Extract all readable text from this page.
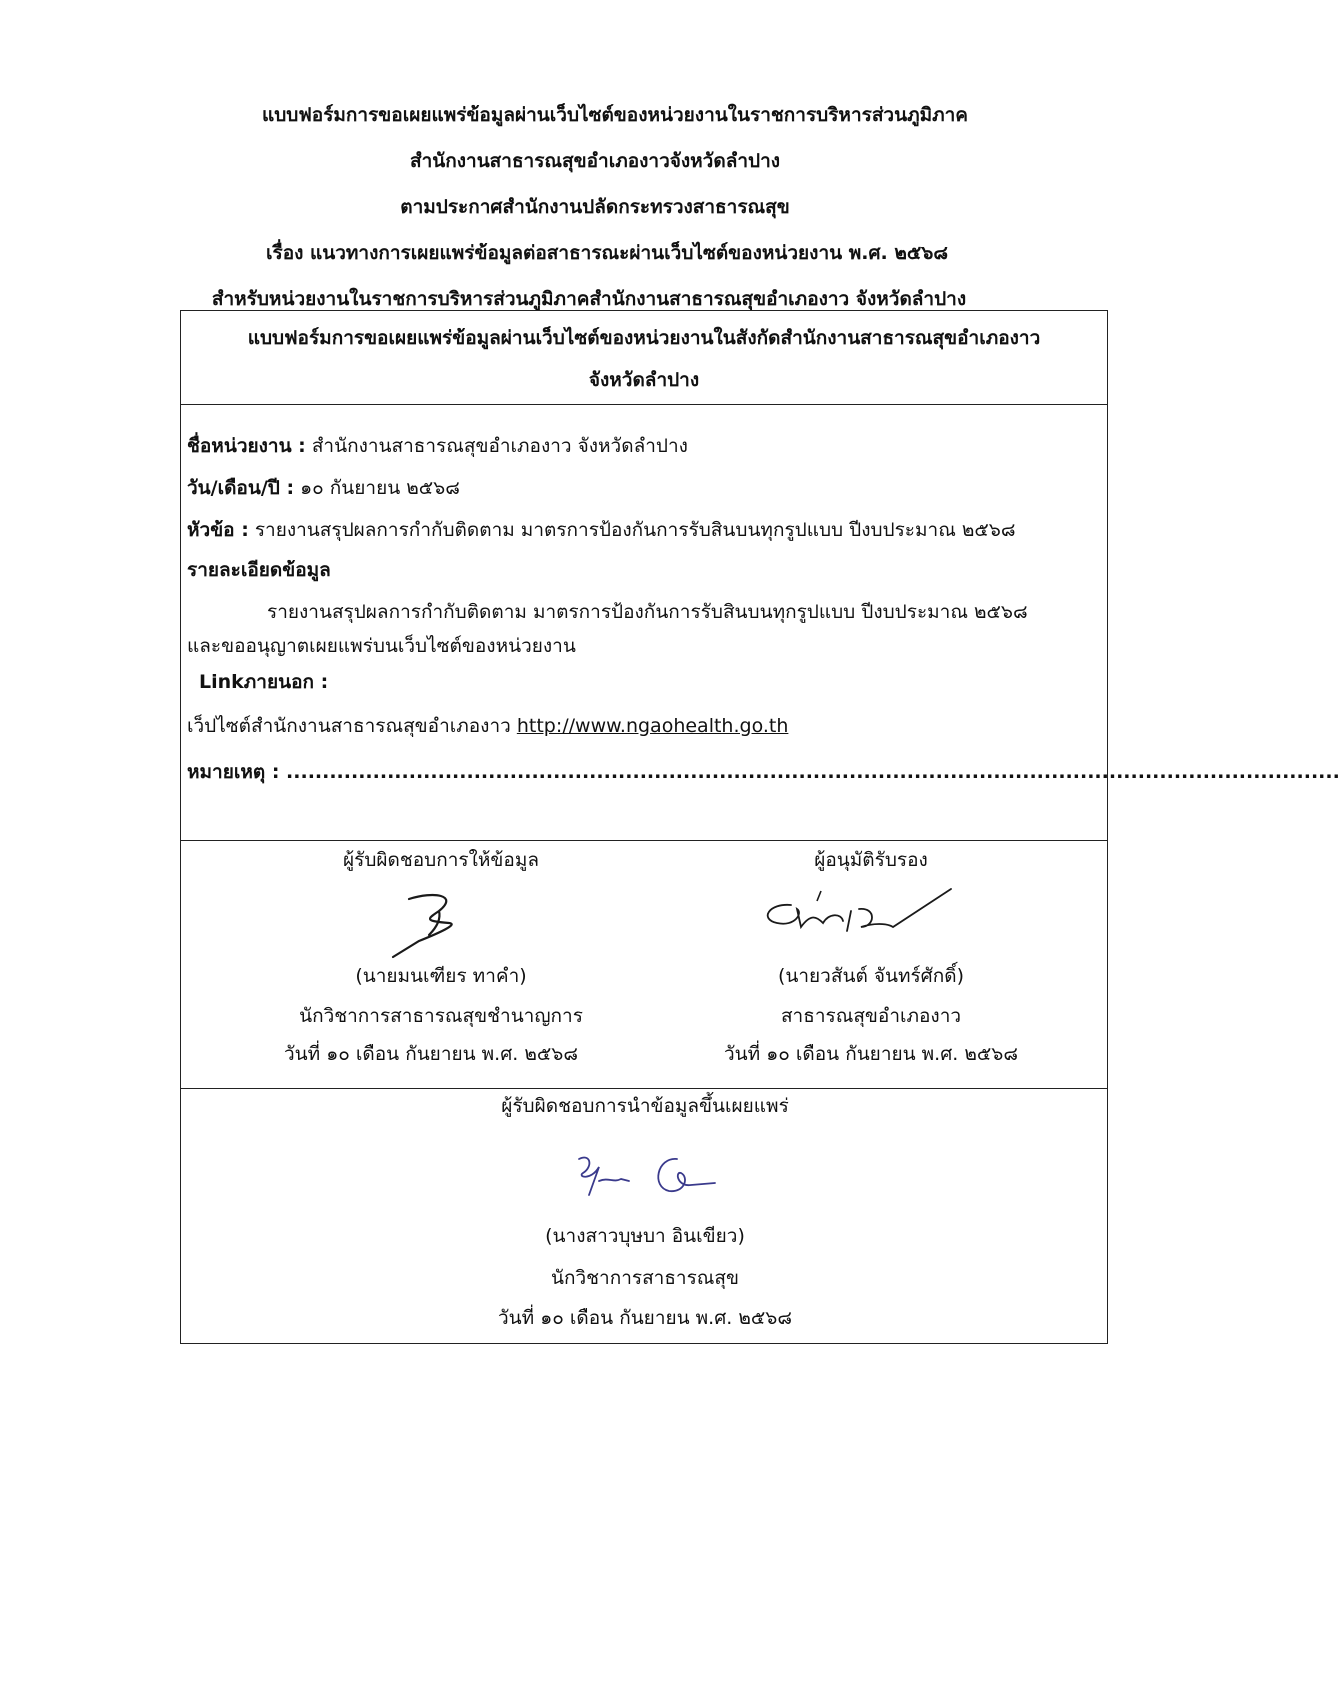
แบบฟอร์มการขอเผยแพร่ข้อมูลผ่านเว็บไซต์ของหน่วยงานในราชการบริหารส่วนภูมิภาค
สำนักงานสาธารณสุขอำเภองาวจังหวัดลำปาง
ตามประกาศสำนักงานปลัดกระทรวงสาธารณสุข
เรื่อง แนวทางการเผยแพร่ข้อมูลต่อสาธารณะผ่านเว็บไซต์ของหน่วยงาน พ.ศ. ๒๕๖๘
สำหรับหน่วยงานในราชการบริหารส่วนภูมิภาคสำนักงานสาธารณสุขอำเภองาว จังหวัดลำปาง
แบบฟอร์มการขอเผยแพร่ข้อมูลผ่านเว็บไซต์ของหน่วยงานในสังกัดสำนักงานสาธารณสุขอำเภองาว
จังหวัดลำปาง
ชื่อหน่วยงาน : สำนักงานสาธารณสุขอำเภองาว จังหวัดลำปาง
วัน/เดือน/ปี : ๑๐ กันยายน ๒๕๖๘
หัวข้อ : รายงานสรุปผลการกำกับติดตาม มาตรการป้องกันการรับสินบนทุกรูปแบบ ปีงบประมาณ ๒๕๖๘
รายละเอียดข้อมูล
รายงานสรุปผลการกำกับติดตาม มาตรการป้องกันการรับสินบนทุกรูปแบบ ปีงบประมาณ ๒๕๖๘
และขออนุญาตเผยแพร่บนเว็บไซต์ของหน่วยงาน
Linkภายนอก :
เว็ปไซต์สำนักงานสาธารณสุขอำเภองาว http://www.ngaohealth.go.th
หมายเหตุ : ..................................................................................................................................................
ผู้รับผิดชอบการให้ข้อมูล
(นายมนเฑียร ทาคำ)
นักวิชาการสาธารณสุขชำนาญการ
วันที่ ๑๐ เดือน กันยายน พ.ศ. ๒๕๖๘
ผู้อนุมัติรับรอง
(นายวสันต์ จันทร์ศักดิ์)
สาธารณสุขอำเภองาว
วันที่ ๑๐ เดือน กันยายน พ.ศ. ๒๕๖๘
ผู้รับผิดชอบการนำข้อมูลขึ้นเผยแพร่
(นางสาวบุษบา อินเขียว)
นักวิชาการสาธารณสุข
วันที่ ๑๐ เดือน กันยายน พ.ศ. ๒๕๖๘
